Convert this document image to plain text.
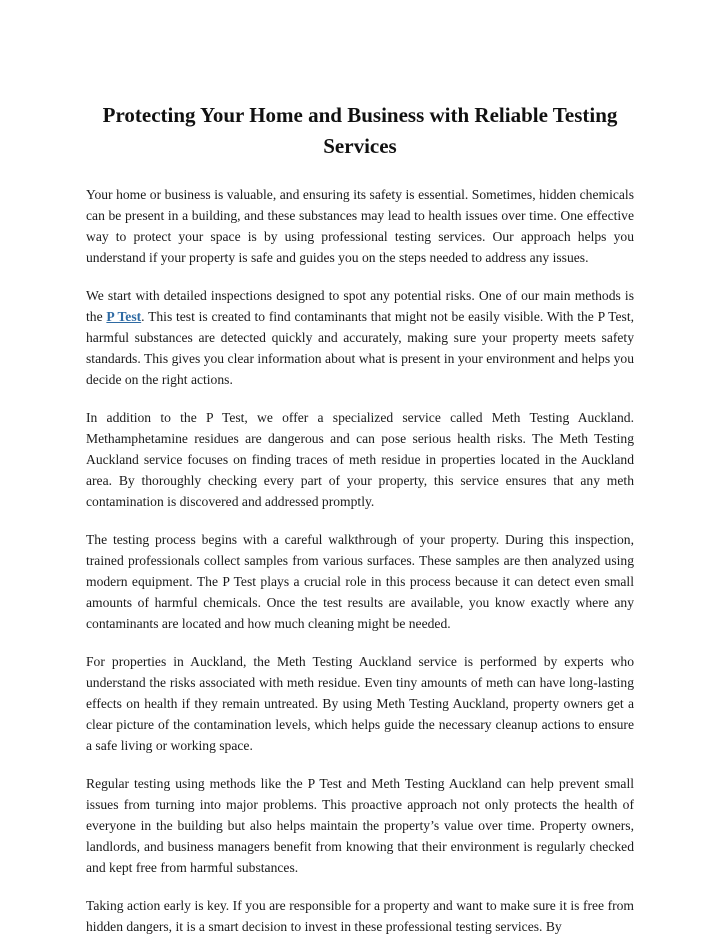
Protecting Your Home and Business with Reliable Testing Services

Your home or business is valuable, and ensuring its safety is essential. Sometimes, hidden chemicals can be present in a building, and these substances may lead to health issues over time. One effective way to protect your space is by using professional testing services. Our approach helps you understand if your property is safe and guides you on the steps needed to address any issues.

We start with detailed inspections designed to spot any potential risks. One of our main methods is the P Test. This test is created to find contaminants that might not be easily visible. With the P Test, harmful substances are detected quickly and accurately, making sure your property meets safety standards. This gives you clear information about what is present in your environment and helps you decide on the right actions.

In addition to the P Test, we offer a specialized service called Meth Testing Auckland. Methamphetamine residues are dangerous and can pose serious health risks. The Meth Testing Auckland service focuses on finding traces of meth residue in properties located in the Auckland area. By thoroughly checking every part of your property, this service ensures that any meth contamination is discovered and addressed promptly.

The testing process begins with a careful walkthrough of your property. During this inspection, trained professionals collect samples from various surfaces. These samples are then analyzed using modern equipment. The P Test plays a crucial role in this process because it can detect even small amounts of harmful chemicals. Once the test results are available, you know exactly where any contaminants are located and how much cleaning might be needed.

For properties in Auckland, the Meth Testing Auckland service is performed by experts who understand the risks associated with meth residue. Even tiny amounts of meth can have long-lasting effects on health if they remain untreated. By using Meth Testing Auckland, property owners get a clear picture of the contamination levels, which helps guide the necessary cleanup actions to ensure a safe living or working space.

Regular testing using methods like the P Test and Meth Testing Auckland can help prevent small issues from turning into major problems. This proactive approach not only protects the health of everyone in the building but also helps maintain the property’s value over time. Property owners, landlords, and business managers benefit from knowing that their environment is regularly checked and kept free from harmful substances.

Taking action early is key. If you are responsible for a property and want to make sure it is free from hidden dangers, it is a smart decision to invest in these professional testing services. By
